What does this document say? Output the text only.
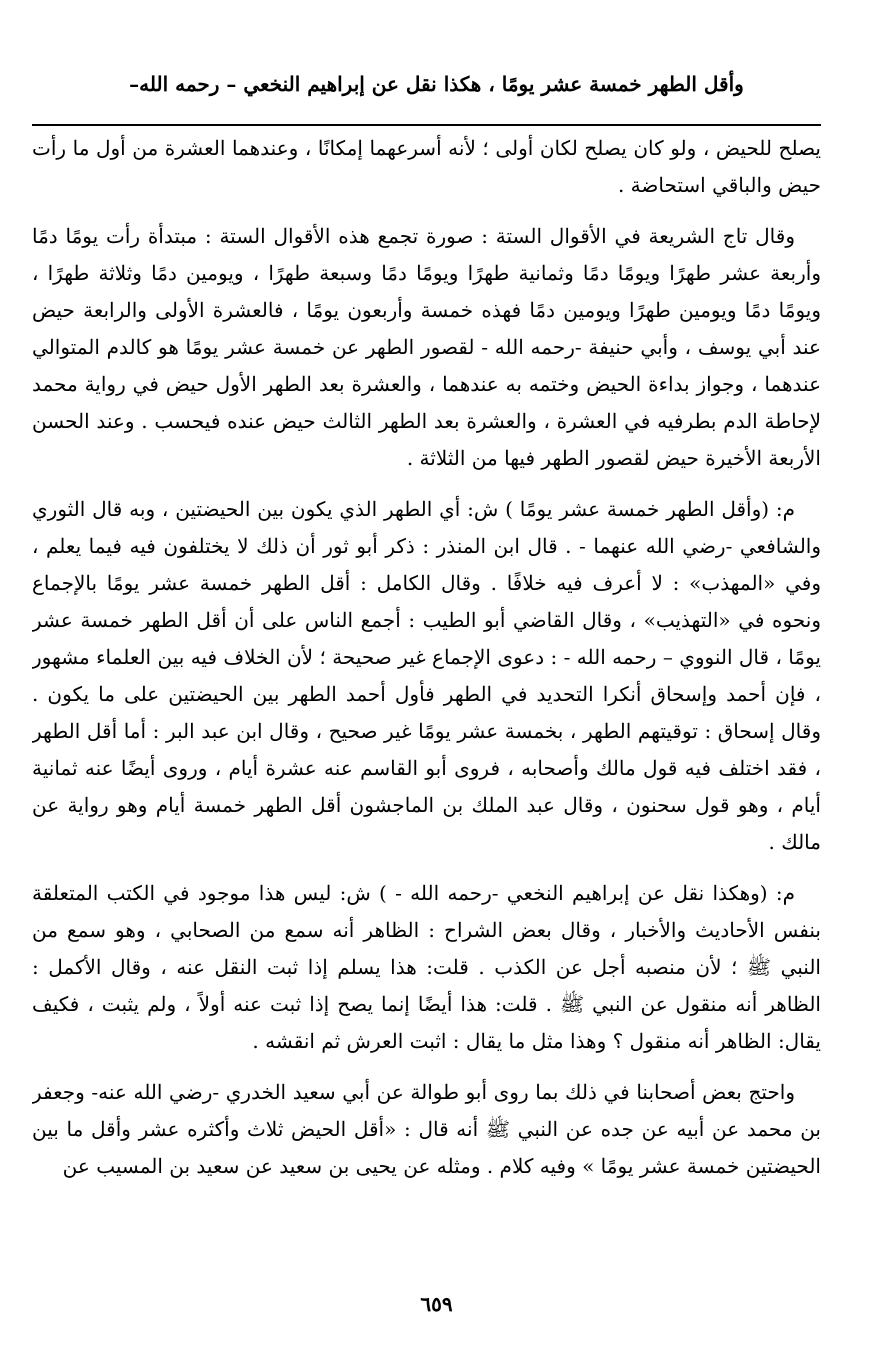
وأقل الطهر خمسة عشر يومًا ، هكذا نقل عن إبراهيم النخعي – رحمه الله–

يصلح للحيض ، ولو كان يصلح لكان أولى ؛ لأنه أسرعهما إمكانًا ، وعندهما العشرة من أول ما رأت حيض والباقي استحاضة .

وقال تاج الشريعة في الأقوال الستة : صورة تجمع هذه الأقوال الستة : مبتدأة رأت يومًا دمًا وأربعة عشر طهرًا ويومًا دمًا وثمانية طهرًا ويومًا دمًا وسبعة طهرًا ، ويومين دمًا وثلاثة طهرًا ، ويومًا دمًا ويومين طهرًا ويومين دمًا فهذه خمسة وأربعون يومًا ، فالعشرة الأولى والرابعة حيض عند أبي يوسف ، وأبي حنيفة -رحمه الله - لقصور الطهر عن خمسة عشر يومًا هو كالدم المتوالي عندهما ، وجواز بداءة الحيض وختمه به عندهما ، والعشرة بعد الطهر الأول حيض في رواية محمد لإحاطة الدم بطرفيه في العشرة ، والعشرة بعد الطهر الثالث حيض عنده فيحسب . وعند الحسن الأربعة الأخيرة حيض لقصور الطهر فيها من الثلاثة .

م: (وأقل الطهر خمسة عشر يومًا ) ش: أي الطهر الذي يكون بين الحيضتين ، وبه قال الثوري والشافعي -رضي الله عنهما - . قال ابن المنذر : ذكر أبو ثور أن ذلك لا يختلفون فيه فيما يعلم ، وفي «المهذب» : لا أعرف فيه خلافًا . وقال الكامل : أقل الطهر خمسة عشر يومًا بالإجماع ونحوه في «التهذيب» ، وقال القاضي أبو الطيب : أجمع الناس على أن أقل الطهر خمسة عشر يومًا ، قال النووي – رحمه الله - : دعوى الإجماع غير صحيحة ؛ لأن الخلاف فيه بين العلماء مشهور ، فإن أحمد وإسحاق أنكرا التحديد في الطهر فأول أحمد الطهر بين الحيضتين على ما يكون . وقال إسحاق : توقيتهم الطهر ، بخمسة عشر يومًا غير صحيح ، وقال ابن عبد البر : أما أقل الطهر ، فقد اختلف فيه قول مالك وأصحابه ، فروى أبو القاسم عنه عشرة أيام ، وروى أيضًا عنه ثمانية أيام ، وهو قول سحنون ، وقال عبد الملك بن الماجشون أقل الطهر خمسة أيام وهو رواية عن مالك .

م: (وهكذا نقل عن إبراهيم النخعي -رحمه الله - ) ش: ليس هذا موجود في الكتب المتعلقة بنفس الأحاديث والأخبار ، وقال بعض الشراح : الظاهر أنه سمع من الصحابي ، وهو سمع من النبي ﷺ ؛ لأن منصبه أجل عن الكذب . قلت: هذا يسلم إذا ثبت النقل عنه ، وقال الأكمل : الظاهر أنه منقول عن النبي ﷺ . قلت: هذا أيضًا إنما يصح إذا ثبت عنه أولاً ، ولم يثبت ، فكيف يقال: الظاهر أنه منقول ؟ وهذا مثل ما يقال : اثبت العرش ثم انقشه .

واحتج بعض أصحابنا في ذلك بما روى أبو طوالة عن أبي سعيد الخدري -رضي الله عنه- وجعفر بن محمد عن أبيه عن جده عن النبي ﷺ أنه قال : «أقل الحيض ثلاث وأكثره عشر وأقل ما بين الحيضتين خمسة عشر يومًا » وفيه كلام . ومثله عن يحيى بن سعيد عن سعيد بن المسيب عن

٦٥٩
